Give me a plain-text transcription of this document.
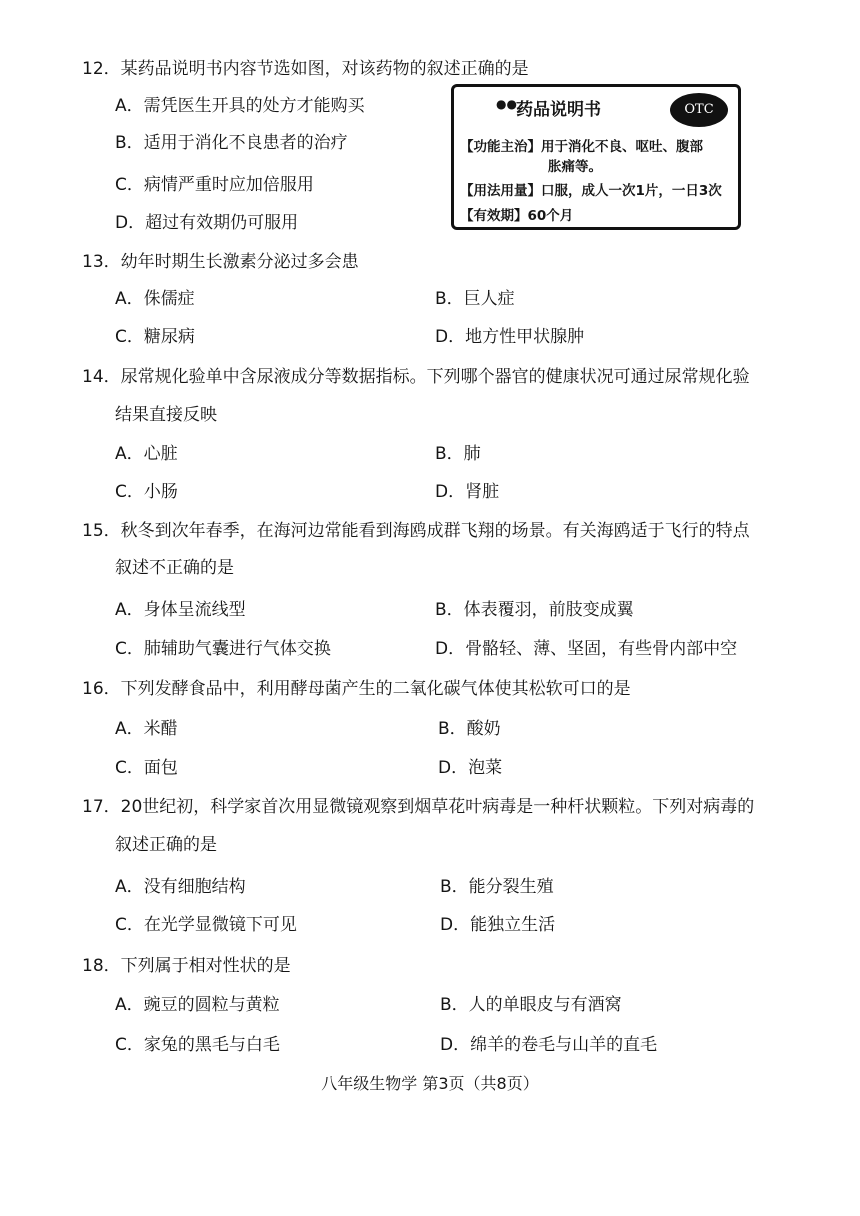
12．某药品说明书内容节选如图，对该药物的叙述正确的是
A．需凭医生开具的处方才能购买
B．适用于消化不良患者的治疗
C．病情严重时应加倍服用
D．超过有效期仍可服用
●● 药品说明书	OTC
【功能主治】用于消化不良、呕吐、腹部
胀痛等。
【用法用量】口服，成人一次1片，一日3次
【有效期】60个月
13．幼年时期生长激素分泌过多会患
A．侏儒症	B．巨人症
C．糖尿病	D．地方性甲状腺肿
14．尿常规化验单中含尿液成分等数据指标。下列哪个器官的健康状况可通过尿常规化验
结果直接反映
A．心脏	B．肺
C．小肠	D．肾脏
15．秋冬到次年春季，在海河边常能看到海鸥成群飞翔的场景。有关海鸥适于飞行的特点
叙述不正确的是
A．身体呈流线型	B．体表覆羽，前肢变成翼
C．肺辅助气囊进行气体交换	D．骨骼轻、薄、坚固，有些骨内部中空
16．下列发酵食品中，利用酵母菌产生的二氧化碳气体使其松软可口的是
A．米醋	B．酸奶
C．面包	D．泡菜
17．20世纪初，科学家首次用显微镜观察到烟草花叶病毒是一种杆状颗粒。下列对病毒的
叙述正确的是
A．没有细胞结构	B．能分裂生殖
C．在光学显微镜下可见	D．能独立生活
18．下列属于相对性状的是
A．豌豆的圆粒与黄粒	B．人的单眼皮与有酒窝
C．家兔的黑毛与白毛	D．绵羊的卷毛与山羊的直毛
八年级生物学 第3页（共8页）
